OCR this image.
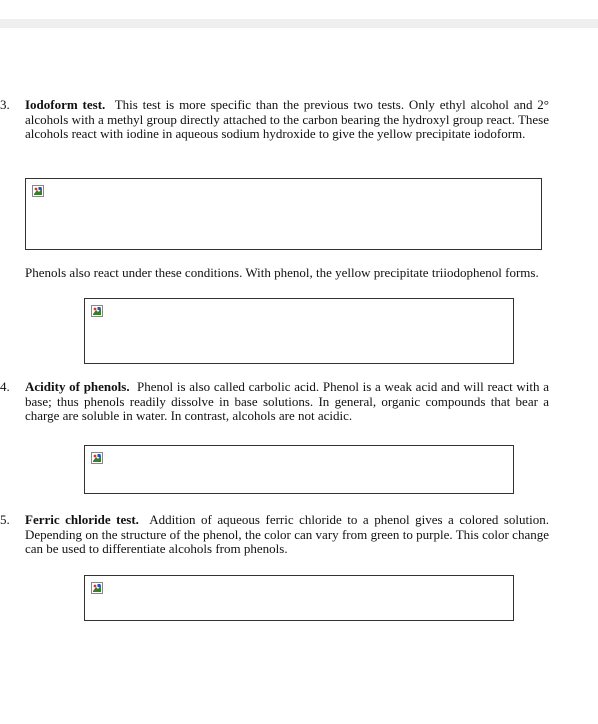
3. Iodoform test. This test is more specific than the previous two tests. Only ethyl alcohol and 2° alcohols with a methyl group directly attached to the carbon bearing the hydroxyl group react. These alcohols react with iodine in aqueous sodium hydroxide to give the yellow precipitate iodoform.

Phenols also react under these conditions. With phenol, the yellow precipitate triiodophenol forms.

4. Acidity of phenols. Phenol is also called carbolic acid. Phenol is a weak acid and will react with a base; thus phenols readily dissolve in base solutions. In general, organic compounds that bear a charge are soluble in water. In contrast, alcohols are not acidic.

5. Ferric chloride test. Addition of aqueous ferric chloride to a phenol gives a colored solution. Depending on the structure of the phenol, the color can vary from green to purple. This color change can be used to differentiate alcohols from phenols.
